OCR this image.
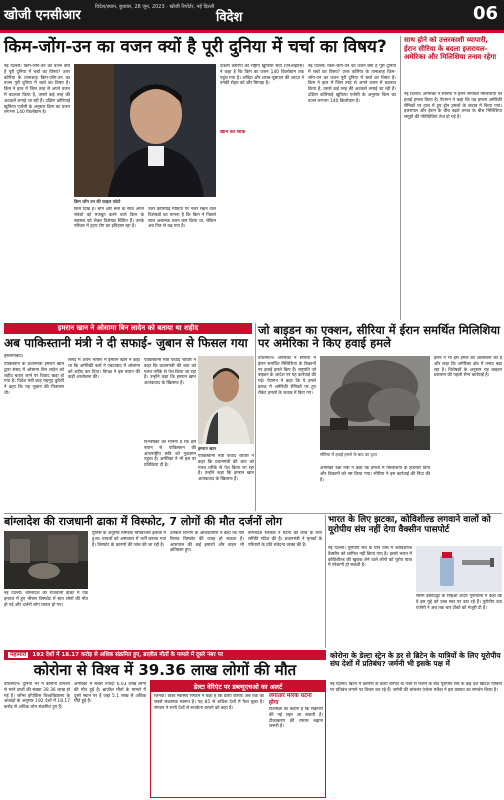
खोजी एनसीआर
विदेश/स्थान, बुधवार, 28 जून, 2023 · खोजी रिपोर्टर, नई दिल्ली
विदेश	06
किम-जोंग-उन का वजन क्यों है पूरी दुनिया में चर्चा का विषय?
नई दिल्ली। किम-जोंग-उन का वजन क्यों है पूरी दुनिया में चर्चा का विषय? उत्तर कोरिया के तानाशाह किम-जोंग-उन का वजन पूरी दुनिया में चर्चा का विषय है। किम ने हाल में जिस तरह से अपने वजन में बदलाव किया है, उससे कई तरह की अटकलें लगाई जा रही हैं। दक्षिण कोरियाई खुफिया एजेंसी के अनुसार किम का वजन लगभग 140 किलोग्राम है।
किम जोंग उन की फाइल फोटो
किम दिखे हैं। चीन और रूस के साथ अपने संबंधों को मजबूत करने वाले किम के स्वास्थ्य को लेकर विशेषज्ञ चिंतित हैं। उनके परिवार में हृदय रोग का इतिहास रहा है।
उत्तर कोरियाई मीडिया पर नजर रखने वाले विशेषज्ञों का मानना है कि किम ने पिछले साल अचानक वजन कम किया था, लेकिन अब फिर से बढ़ गया है।
दक्षिण कोरिया की राष्ट्रीय खुफिया सेवा (एनआईएस) ने कहा है कि किम का वजन 140 किलोग्राम तक पहुंच गया है। अनिद्रा और शराब-धूम्रपान की आदत ने उनकी सेहत को और बिगाड़ा है।
खाने का शौक
नई दिल्ली। किम-जोंग-उन का वजन क्यों है पूरी दुनिया में चर्चा का विषय? उत्तर कोरिया के तानाशाह किम-जोंग-उन का वजन पूरी दुनिया में चर्चा का विषय है। किम ने हाल में जिस तरह से अपने वजन में बदलाव किया है, उससे कई तरह की अटकलें लगाई जा रही हैं। दक्षिण कोरियाई खुफिया एजेंसी के अनुसार किम का वजन लगभग 140 किलोग्राम है।
साथ होने को उत्तरकाशी व्यापारी, ईरान सीरिया के बदला इजरायल-अमेरिका और मिलिशिया तनाव रहेगा
नई दिल्ली। अमेरिका ने सीरिया में ईरान समर्थित मिलिशिया पर हवाई हमला किया है। पेंटागन ने कहा कि यह हमला अमेरिकी सैनिकों पर हाल में हुए ड्रोन हमलों के जवाब में किया गया। इजरायल और ईरान के बीच बढ़ते तनाव के बीच मिलिशिया समूहों की गतिविधियां तेज हो गई हैं।
इमरान खान ने ओसामा बिन लादेन को बताया था शहीद
अब पाकिस्तानी मंत्री ने दी सफाई- जुबान से फिसल गया
इस्लामाबाद।
पाकिस्तान के प्रधानमंत्री इमरान खान द्वारा संसद में ओसामा बिन लादेन को शहीद बताए जाने पर विवाद खड़ा हो गया है। विदेश मंत्री शाह महमूद कुरैशी ने कहा कि यह जुबान की फिसलन थी।
संसद में अपने भाषण में इमरान खान ने कहा था कि अमेरिकी बलों ने एबटाबाद में ओसामा को शहीद कर दिया। विपक्ष ने इस बयान की कड़ी आलोचना की।
पाकिस्तानी मंत्री फवाद चौधरी ने कहा कि प्रधानमंत्री की बात को गलत तरीके से पेश किया जा रहा है। उन्होंने कहा कि इमरान खान आतंकवाद के खिलाफ हैं।
इमरान खान
विश्लेषकों का मानना है कि इस बयान से पाकिस्तान की अंतरराष्ट्रीय छवि को नुकसान पहुंचा है। अमेरिका ने भी इस पर प्रतिक्रिया दी है।
पाकिस्तानी मंत्री फवाद चौधरी ने कहा कि प्रधानमंत्री की बात को गलत तरीके से पेश किया जा रहा है। उन्होंने कहा कि इमरान खान आतंकवाद के खिलाफ हैं।
जो बाइडन का एक्शन, सीरिया में ईरान समर्थित मिलिशिया पर अमेरिका ने किए हवाई हमले
वाशिंगटन। अमेरिका ने सीरिया में ईरान समर्थित मिलिशिया के ठिकानों पर हवाई हमले किए हैं। राष्ट्रपति जो बाइडन के आदेश पर यह कार्रवाई की गई। पेंटागन ने कहा कि ये हमले इराक में अमेरिकी सैनिकों पर हुए रॉकेट हमलों के जवाब में किए गए।
सीरिया में हवाई हमले के बाद का दृश्य
अमेरिकी रक्षा मंत्री ने कहा कि हमलों में मिलिशिया के हथियार डिपो और ठिकानों को नष्ट किया गया। सीरिया ने इस कार्रवाई की निंदा की है।
ईरान ने भी इस हमले की आलोचना की है और कहा कि अमेरिका क्षेत्र में तनाव बढ़ा रहा है। विशेषज्ञों के अनुसार यह बाइडन प्रशासन की पहली सैन्य कार्रवाई है।
बांग्लादेश की राजधानी ढाका में विस्फोट, 7 लोगों की मौत दर्जनों लोग
नई दिल्ली। बांग्लादेश की राजधानी ढाका में एक इमारत में हुए भीषण विस्फोट में सात लोगों की मौत हो गई और दर्जनों लोग घायल हो गए।
पुलिस के अनुसार विस्फोट मोघबाजार इलाके में हुआ। घायलों को अस्पताल में भर्ती कराया गया है। विस्फोट के कारणों की जांच की जा रही है।
दमकल विभाग के अधिकारियों ने कहा कि गैस रिसाव विस्फोट की वजह हो सकता है। आसपास की कई इमारतें और वाहन भी क्षतिग्रस्त हुए।
बांग्लादेश सरकार ने घटना की जांच के लिए समिति गठित की है। प्रधानमंत्री ने मृतकों के परिवारों के प्रति संवेदना व्यक्त की है।
भारत के लिए झटका, कोविशील्ड लगवाने वालों को यूरोपीय संघ नहीं देगा वैक्सीन पासपोर्ट
नई दिल्ली। यूरोपीय संघ के ग्रीन पास में कोविशील्ड वैक्सीन को शामिल नहीं किया गया है। इससे भारत में कोविशील्ड की खुराक लेने वाले लोगों को यूरोप यात्रा में परेशानी हो सकती है।
सीरम इंस्टीट्यूट के सीईओ अदार पूनावाला ने कहा कि वे इस मुद्दे को उच्च स्तर पर उठा रहे हैं। यूरोपीय दवा एजेंसी ने अब तक चार टीकों को मंजूरी दी है।
महामारी 192 देशों में 18.17 करोड़ से अधिक संक्रमित हुए, ब्राज़ील मौतों के मामले में दूसरे नंबर पर
कोरोना से विश्व में 39.36 लाख लोगों की मौत
वाशिंगटन। दुनिया भर में कोरोना वायरस से मरने वालों की संख्या 39.36 लाख हो गई है। जॉन्स हॉपकिंस विश्वविद्यालय के आंकड़ों के अनुसार 192 देशों में 18.17 करोड़ से अधिक लोग संक्रमित हुए हैं।
अमेरिका में सबसे ज्यादा 6.03 लाख लोगों की मौत हुई है। ब्राज़ील मौतों के मामले में दूसरे स्थान पर है जहां 5.1 लाख से अधिक मौतें हुई हैं।
डेल्टा वेरिएंट पर डब्ल्यूएचओ का अलर्ट
जिनेवा। विश्व स्वास्थ्य संगठन ने कहा है कि डेल्टा वेरिएंट अब तक का सबसे संक्रामक स्वरूप है। यह 85 से अधिक देशों में फैल चुका है। संगठन ने सभी देशों से सतर्कता बरतने को कहा है।
लगातार मारक घटना होगा
विशेषज्ञों का कहना है कि संक्रमण की नई लहर आ सकती है। टीकाकरण की रफ्तार बढ़ाना जरूरी है।
कोरोना के डेल्टा स्ट्रेन के डर से ब्रिटेन के यात्रियों के लिए यूरोपीय संघ देशों में प्रतिबंध? जर्मनी भी इसके पक्ष में
नई दिल्ली। ब्रिटेन में कोरोना के डेल्टा वेरिएंट के तेजी से फैलने के बाद यूरोपीय संघ के कई देश ब्रिटिश यात्रियों पर प्रतिबंध लगाने पर विचार कर रहे हैं। जर्मनी की चांसलर एंजेला मर्केल ने इस प्रस्ताव का समर्थन किया है।
